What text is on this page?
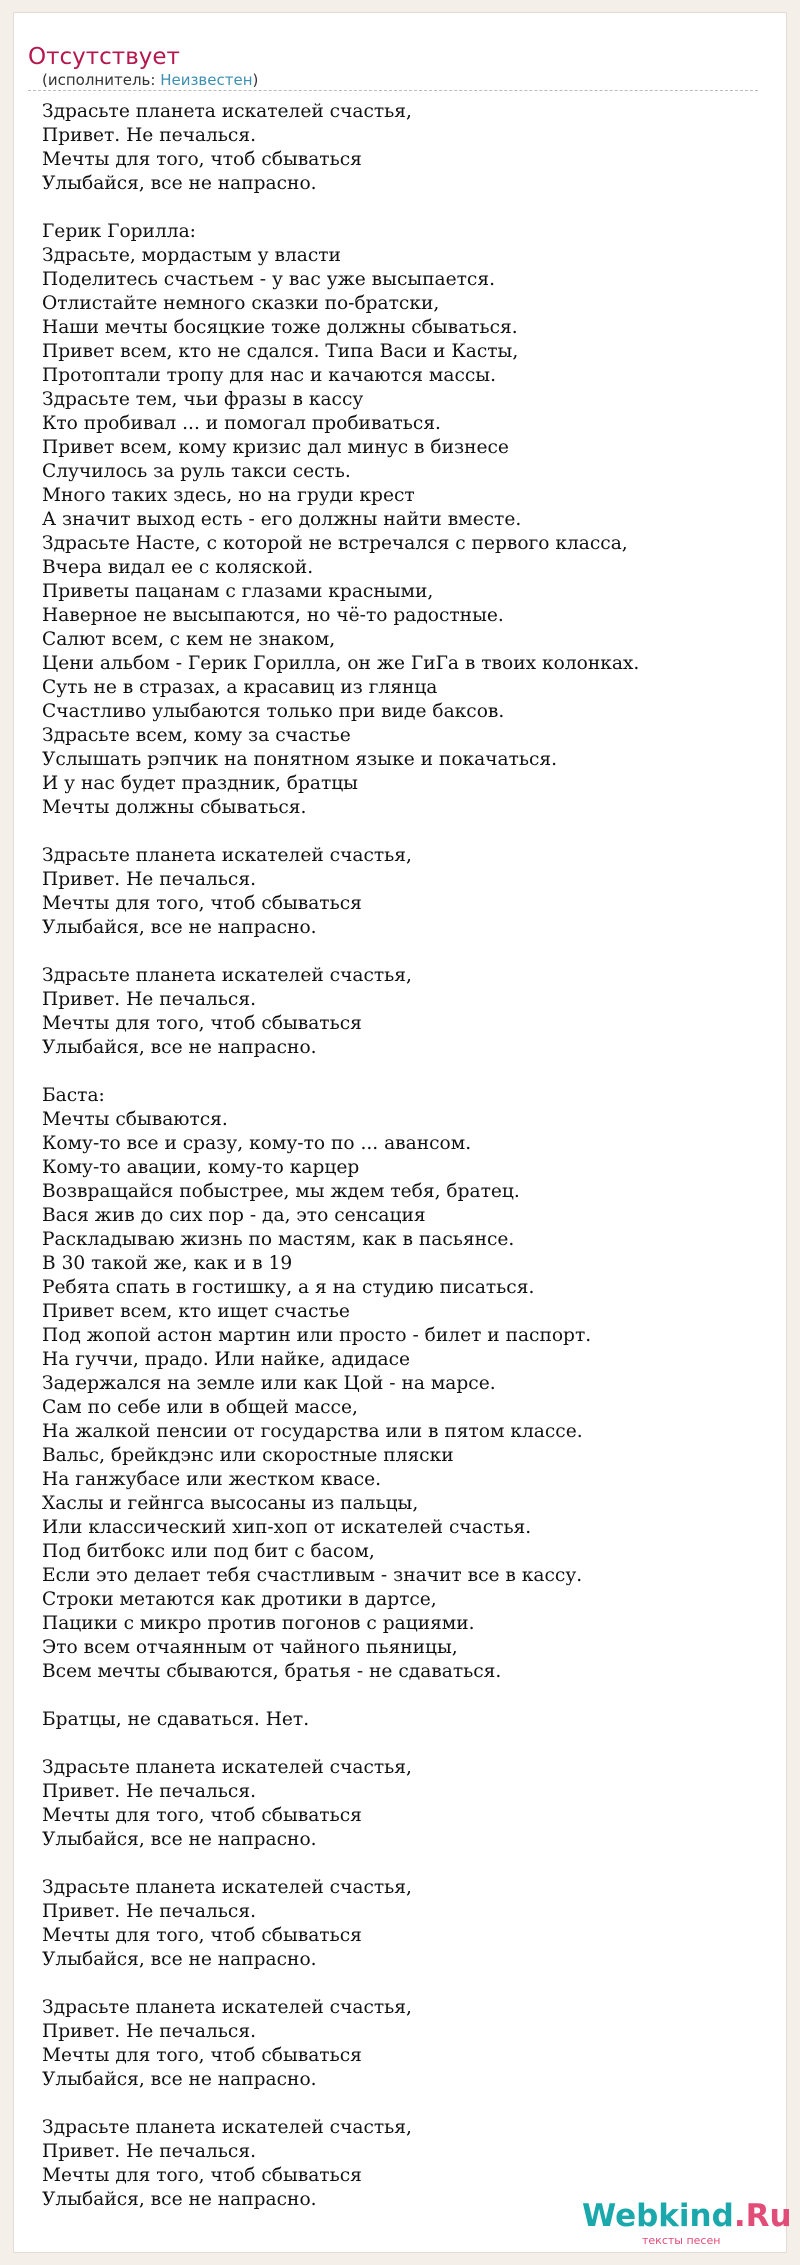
Отсутствует
(исполнитель: Неизвестен)
Здрасьте планета искателей счастья,
Привет. Не печалься.
Мечты для того, чтоб сбываться
Улыбайся, все не напрасно.

Герик Горилла:
Здрасьте, мордастым у власти
Поделитесь счастьем - у вас уже высыпается.
Отлистайте немного сказки по-братски,
Наши мечты босяцкие тоже должны сбываться.
Привет всем, кто не сдался. Типа Васи и Касты,
Протоптали тропу для нас и качаются массы.
Здрасьте тем, чьи фразы в кассу
Кто пробивал ... и помогал пробиваться.
Привет всем, кому кризис дал минус в бизнесе
Случилось за руль такси сесть.
Много таких здесь, но на груди крест
А значит выход есть - его должны найти вместе.
Здрасьте Насте, с которой не встречался с первого класса,
Вчера видал ее с коляской.
Приветы пацанам с глазами красными,
Наверное не высыпаются, но чё-то радостные.
Салют всем, с кем не знаком,
Цени альбом - Герик Горилла, он же ГиГа в твоих колонках.
Суть не в стразах, а красавиц из глянца
Счастливо улыбаются только при виде баксов.
Здрасьте всем, кому за счастье
Услышать рэпчик на понятном языке и покачаться.
И у нас будет праздник, братцы
Мечты должны сбываться.

Здрасьте планета искателей счастья,
Привет. Не печалься.
Мечты для того, чтоб сбываться
Улыбайся, все не напрасно.

Здрасьте планета искателей счастья,
Привет. Не печалься.
Мечты для того, чтоб сбываться
Улыбайся, все не напрасно.

Баста:
Мечты сбываются.
Кому-то все и сразу, кому-то по ... авансом.
Кому-то авации, кому-то карцер
Возвращайся побыстрее, мы ждем тебя, братец.
Вася жив до сих пор - да, это сенсация
Раскладываю жизнь по мастям, как в пасьянсе.
В 30 такой же, как и в 19
Ребята спать в гостишку, а я на студию писаться.
Привет всем, кто ищет счастье
Под жопой астон мартин или просто - билет и паспорт.
На гуччи, прадо. Или найке, адидасе
Задержался на земле или как Цой - на марсе.
Сам по себе или в общей массе,
На жалкой пенсии от государства или в пятом классе.
Вальс, брейкдэнс или скоростные пляски
На ганжубасе или жестком квасе.
Хаслы и гейнгса высосаны из пальцы,
Или классический хип-хоп от искателей счастья.
Под битбокс или под бит с басом,
Если это делает тебя счастливым - значит все в кассу.
Строки метаются как дротики в дартсе,
Пацики с микро против погонов с рациями.
Это всем отчаянным от чайного пьяницы,
Всем мечты сбываются, братья - не сдаваться.

Братцы, не сдаваться. Нет.

Здрасьте планета искателей счастья,
Привет. Не печалься.
Мечты для того, чтоб сбываться
Улыбайся, все не напрасно.

Здрасьте планета искателей счастья,
Привет. Не печалься.
Мечты для того, чтоб сбываться
Улыбайся, все не напрасно.

Здрасьте планета искателей счастья,
Привет. Не печалься.
Мечты для того, чтоб сбываться
Улыбайся, все не напрасно.

Здрасьте планета искателей счастья,
Привет. Не печалься.
Мечты для того, чтоб сбываться
Улыбайся, все не напрасно.	Webkind.Ru
тексты песен
